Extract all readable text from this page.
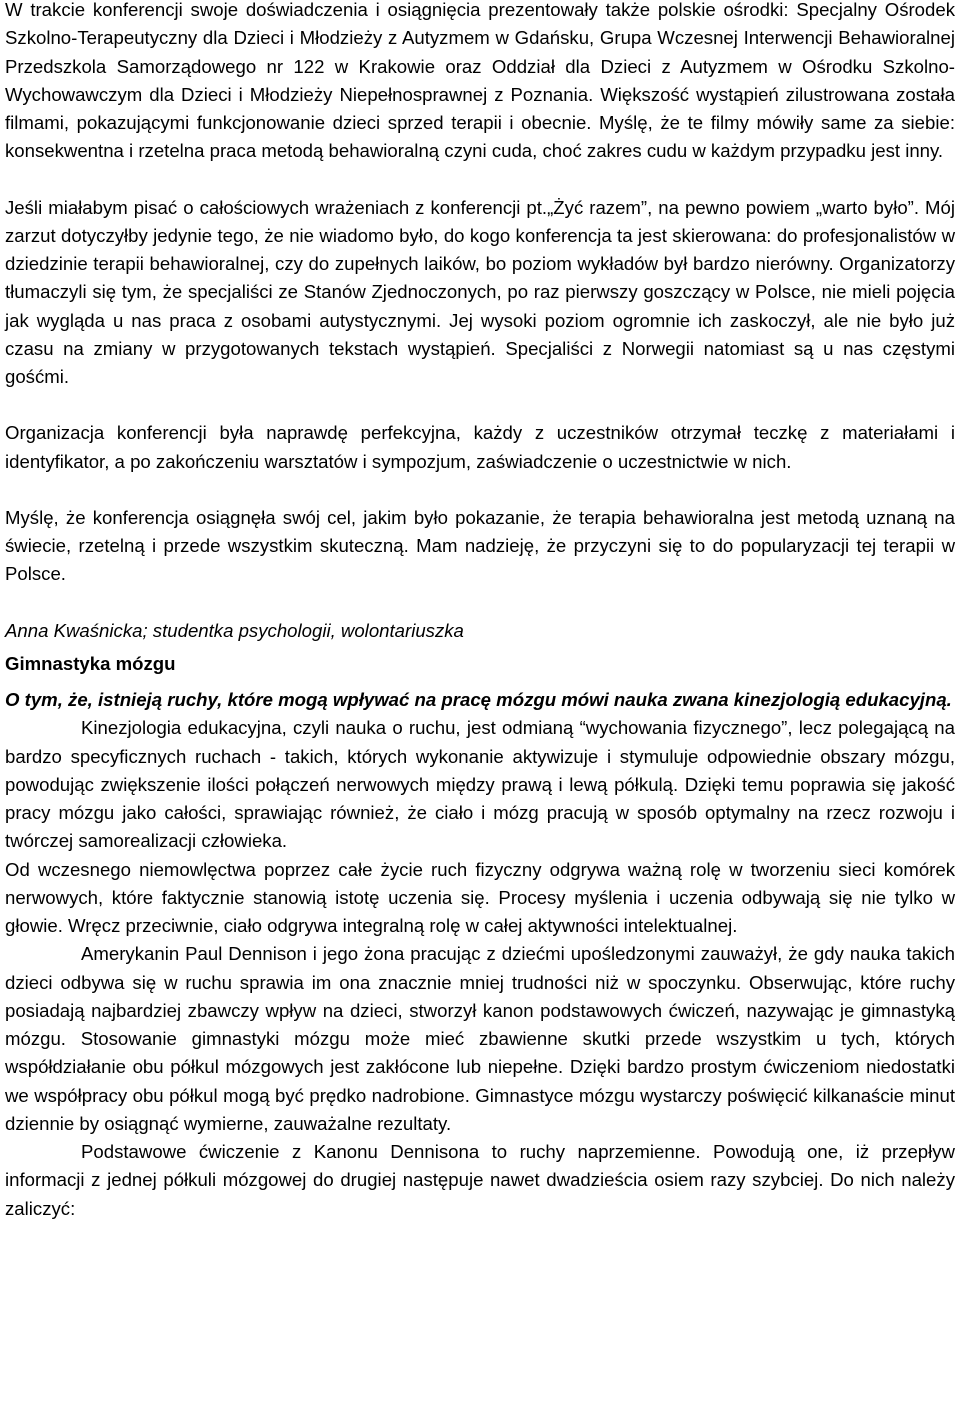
W trakcie konferencji swoje doświadczenia i osiągnięcia prezentowały także polskie ośrodki: Specjalny Ośrodek Szkolno-Terapeutyczny dla Dzieci i Młodzieży z Autyzmem w Gdańsku, Grupa Wczesnej Interwencji Behawioralnej Przedszkola Samorządowego nr 122 w Krakowie oraz Oddział dla Dzieci z Autyzmem w Ośrodku Szkolno-Wychowawczym dla Dzieci i Młodzieży Niepełnosprawnej z Poznania. Większość wystąpień zilustrowana została filmami, pokazującymi funkcjonowanie dzieci sprzed terapii i obecnie. Myślę, że te filmy mówiły same za siebie: konsekwentna i rzetelna praca metodą behawioralną czyni cuda, choć zakres cudu w każdym przypadku jest inny.

Jeśli miałabym pisać o całościowych wrażeniach z konferencji pt.„Żyć razem”, na pewno powiem „warto było”. Mój zarzut dotyczyłby jedynie tego, że nie wiadomo było, do kogo konferencja ta jest skierowana: do profesjonalistów w dziedzinie terapii behawioralnej, czy do zupełnych laików, bo poziom wykładów był bardzo nierówny. Organizatorzy tłumaczyli się tym, że specjaliści ze Stanów Zjednoczonych, po raz pierwszy goszczący w Polsce, nie mieli pojęcia jak wygląda u nas praca z osobami autystycznymi. Jej wysoki poziom ogromnie ich zaskoczył, ale nie było już czasu na zmiany w przygotowanych tekstach wystąpień. Specjaliści z Norwegii natomiast są u nas częstymi gośćmi.

Organizacja konferencji była naprawdę perfekcyjna, każdy z uczestników otrzymał teczkę z materiałami i identyfikator, a po zakończeniu warsztatów i sympozjum, zaświadczenie o uczestnictwie w nich.

Myślę, że konferencja osiągnęła swój cel, jakim było pokazanie, że terapia behawioralna jest metodą uznaną na świecie, rzetelną i przede wszystkim skuteczną. Mam nadzieję, że przyczyni się to do popularyzacji tej terapii w Polsce.

Anna Kwaśnicka; studentka psychologii, wolontariuszka

Gimnastyka mózgu

O tym, że, istnieją ruchy, które mogą wpływać na pracę mózgu mówi nauka zwana kinezjologią edukacyjną.

Kinezjologia edukacyjna, czyli nauka o ruchu, jest odmianą “wychowania fizycznego”, lecz polegającą na bardzo specyficznych ruchach - takich, których wykonanie aktywizuje i stymuluje odpowiednie obszary mózgu, powodując zwiększenie ilości połączeń nerwowych między prawą i lewą półkulą. Dzięki temu poprawia się jakość pracy mózgu jako całości, sprawiając również, że ciało i mózg pracują w sposób optymalny na rzecz rozwoju i twórczej samorealizacji człowieka.

Od wczesnego niemowlęctwa poprzez całe życie ruch fizyczny odgrywa ważną rolę w tworzeniu sieci komórek nerwowych, które faktycznie stanowią istotę uczenia się. Procesy myślenia i uczenia odbywają się nie tylko w głowie. Wręcz przeciwnie, ciało odgrywa integralną rolę w całej aktywności intelektualnej.

Amerykanin Paul Dennison i jego żona pracując z dziećmi upośledzonymi zauważył, że gdy nauka takich dzieci odbywa się w ruchu sprawia im ona znacznie mniej trudności niż w spoczynku. Obserwując, które ruchy posiadają najbardziej zbawczy wpływ na dzieci, stworzył kanon podstawowych ćwiczeń, nazywając je gimnastyką mózgu. Stosowanie gimnastyki mózgu może mieć zbawienne skutki przede wszystkim u tych, których współdziałanie obu półkul mózgowych jest zakłócone lub niepełne. Dzięki bardzo prostym ćwiczeniom niedostatki we współpracy obu półkul mogą być prędko nadrobione. Gimnastyce mózgu wystarczy poświęcić kilkanaście minut dziennie by osiągnąć wymierne, zauważalne rezultaty.

Podstawowe ćwiczenie z Kanonu Dennisona to ruchy naprzemienne. Powodują one, iż przepływ informacji z jednej półkuli mózgowej do drugiej następuje nawet dwadzieścia osiem razy szybciej. Do nich należy zaliczyć:
